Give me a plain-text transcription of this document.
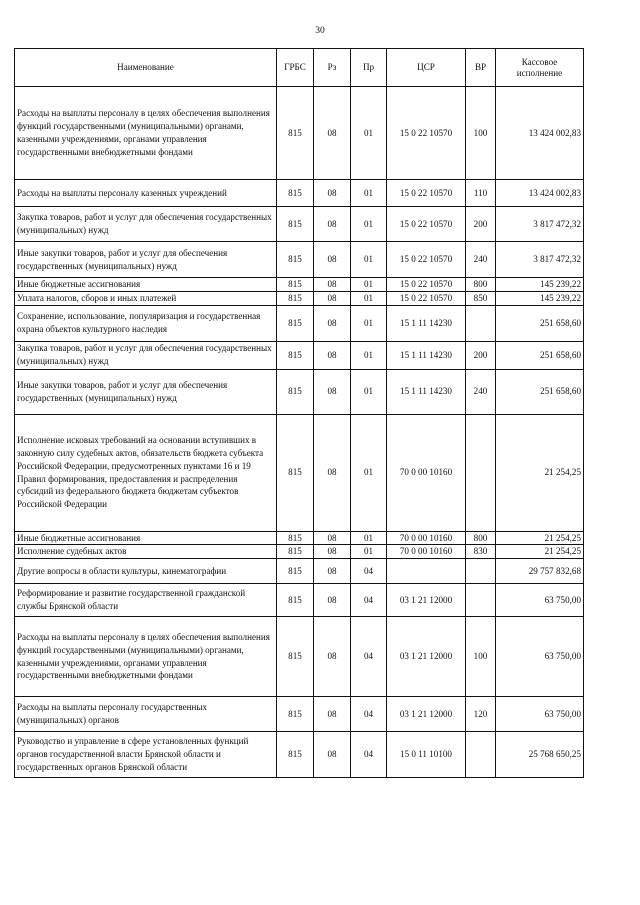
30
Наименование	ГРБС	Рз	Пр	ЦСР	ВР	Кассовое исполнение
Расходы на выплаты персоналу в целях обеспечения выполнения функций государственными (муниципальными) органами, казенными учреждениями, органами управления государственными внебюджетными фондами	815	08	01	15 0 22 10570	100	13 424 002,83
Расходы на выплаты персоналу казенных учреждений	815	08	01	15 0 22 10570	110	13 424 002,83
Закупка товаров, работ и услуг для обеспечения государственных (муниципальных) нужд	815	08	01	15 0 22 10570	200	3 817 472,32
Иные закупки товаров, работ и услуг для обеспечения государственных (муниципальных) нужд	815	08	01	15 0 22 10570	240	3 817 472,32
Иные бюджетные ассигнования	815	08	01	15 0 22 10570	800	145 239,22
Уплата налогов, сборов и иных платежей	815	08	01	15 0 22 10570	850	145 239,22
Сохранение, использование, популяризация и государственная охрана объектов культурного наследия	815	08	01	15 1 11 14230		251 658,60
Закупка товаров, работ и услуг для обеспечения государственных (муниципальных) нужд	815	08	01	15 1 11 14230	200	251 658,60
Иные закупки товаров, работ и услуг для обеспечения государственных (муниципальных) нужд	815	08	01	15 1 11 14230	240	251 658,60
Исполнение исковых требований на основании вступивших в законную силу судебных актов, обязательств бюджета субъекта Российской Федерации, предусмотренных пунктами 16 и 19 Правил формирования, предоставления и распределения субсидий из федерального бюджета бюджетам субъектов Российской Федерации	815	08	01	70 0 00 10160		21 254,25
Иные бюджетные ассигнования	815	08	01	70 0 00 10160	800	21 254,25
Исполнение судебных актов	815	08	01	70 0 00 10160	830	21 254,25
Другие вопросы в области культуры, кинематографии	815	08	04			29 757 832,68
Реформирование и развитие государственной гражданской службы Брянской области	815	08	04	03 1 21 12000		63 750,00
Расходы на выплаты персоналу в целях обеспечения выполнения функций государственными (муниципальными) органами, казенными учреждениями, органами управления государственными внебюджетными фондами	815	08	04	03 1 21 12000	100	63 750,00
Расходы на выплаты персоналу государственных (муниципальных) органов	815	08	04	03 1 21 12000	120	63 750,00
Руководство и управление в сфере установленных функций органов государственной власти Брянской области и государственных органов Брянской области	815	08	04	15 0 11 10100		25 768 650,25
